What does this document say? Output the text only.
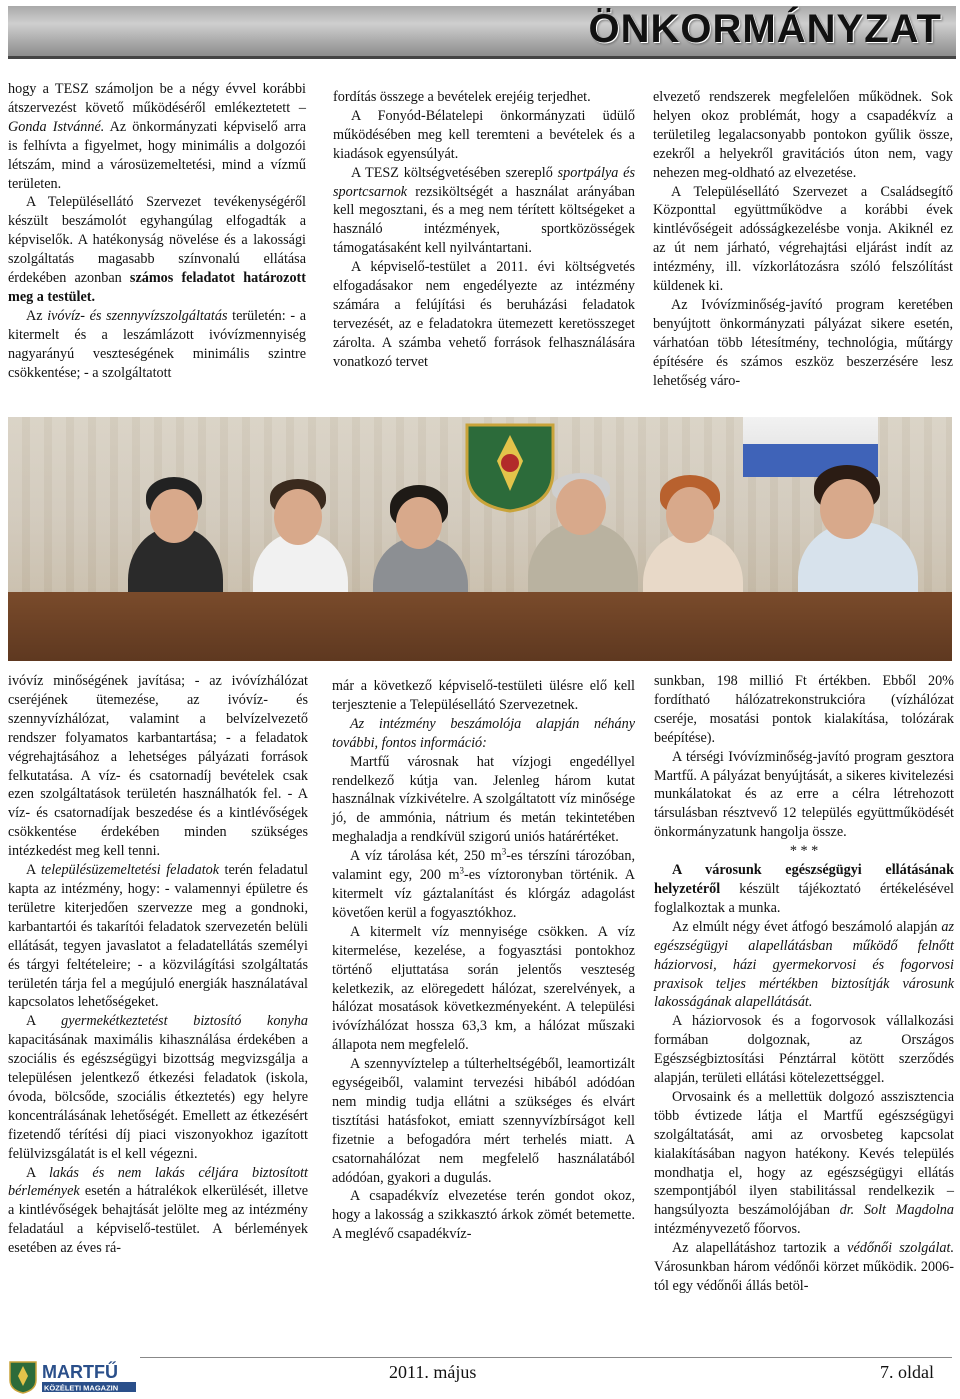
ÖNKORMÁNYZAT

hogy a TESZ számoljon be a négy évvel korábbi átszervezést követő működéséről emlékeztetett – Gonda Istvánné. Az önkormányzati képviselő arra is felhívta a figyelmet, hogy minimális a dolgozói létszám, mind a városüzemeltetési, mind a vízmű területen.

A Településellátó Szervezet tevékenységéről készült beszámolót egyhangúlag elfogadták a képviselők. A hatékonyság növelése és a lakossági szolgáltatás magasabb színvonalú ellátása érdekében azonban számos feladatot határozott meg a testület.

Az ivóvíz- és szennyvízszolgáltatás területén: - a kitermelt és a leszámlázott ivóvízmennyiség nagyarányú veszteségének minimális szintre csökkentése; - a szolgáltatott

fordítás összege a bevételek erejéig terjedhet.

A Fonyód-Bélatelepi önkormányzati üdülő működésében meg kell teremteni a bevételek és a kiadások egyensúlyát.

A TESZ költségvetésében szereplő sportpálya és sportcsarnok rezsiköltségét a használat arányában kell megosztani, és a meg nem térített költségeket a használó intézmények, sportközösségek támogatásaként kell nyilvántartani.

A képviselő-testület a 2011. évi költségvetés elfogadásakor nem engedélyezte az intézmény számára a felújítási és beruházási feladatok tervezését, az e feladatokra ütemezett keretösszeget zárolta. A számba vehető források felhasználására vonatkozó tervet

elvezető rendszerek megfelelően működnek. Sok helyen okoz problémát, hogy a csapadékvíz a területileg legalacsonyabb pontokon gyűlik össze, ezekről a helyekről gravitációs úton nem, vagy nehezen meg-oldható az elvezetése.

A Településellátó Szervezet a Családsegítő Központtal együttműködve a korábbi évek kintlévőségeit adósságkezelésbe vonja. Akiknél ez az út nem járható, végrehajtási eljárást indít az intézmény, ill. vízkorlátozásra szóló felszólítást küldenek ki.

Az Ivóvízminőség-javító program keretében benyújtott önkormányzati pályázat sikere esetén, várhatóan több létesítmény, technológia, műtárgy építésére és számos eszköz beszerzésére lesz lehetőség váro-

ivóvíz minőségének javítása; - az ivóvízhálózat cseréjének ütemezése, az ivóvíz- és szennyvízhálózat, valamint a belvízelvezető rendszer folyamatos karbantartása; - a feladatok végrehajtásához a lehetséges pályázati források felkutatása. A víz- és csatornadíj bevételek csak ezen szolgáltatások területén használhatók fel. - A víz- és csatornadíjak beszedése és a kintlévőségek csökkentése érdekében minden szükséges intézkedést meg kell tenni.

A településüzemeltetési feladatok terén feladatul kapta az intézmény, hogy: - valamennyi épületre és területre kiterjedően szervezze meg a gondnoki, karbantartói és takarítói feladatok szervezetén belüli ellátását, tegyen javaslatot a feladatellátás személyi és tárgyi feltételeire; - a közvilágítási szolgáltatás területén tárja fel a megújuló energiák használatával kapcsolatos lehetőségeket.

A gyermekétkeztetést biztosító konyha kapacitásának maximális kihasználása érdekében a szociális és egészségügyi bizottság megvizsgálja a településen jelentkező étkezési feladatok (iskola, óvoda, bölcsőde, szociális étkeztetés) egy helyre koncentrálásának lehetőségét. Emellett az étkezésért fizetendő térítési díj piaci viszonyokhoz igazított felülvizsgálatát is el kell végezni.

A lakás és nem lakás céljára biztosított bérlemények esetén a hátralékok elkerülését, illetve a kintlévőségek behajtását jelölte meg az intézmény feladatául a képviselő-testület. A bérlemények esetében az éves rá-

már a következő képviselő-testületi ülésre elő kell terjesztenie a Településellátó Szervezetnek.

Az intézmény beszámolója alapján néhány további, fontos információ:

Martfű városnak hat vízjogi engedéllyel rendelkező kútja van. Jelenleg három kutat használnak vízkivételre. A szolgáltatott víz minősége jó, de ammónia, nátrium és metán tekintetében meghaladja a rendkívül szigorú uniós határértéket.

A víz tárolása két, 250 $m^3-es$ térszíni tározóban, valamint egy, 200 $m^3-es$ víztoronyban történik. A kitermelt víz gáztalanítást és klórgáz adagolást követően kerül a fogyasztókhoz.

A kitermelt víz mennyisége csökken. A víz kitermelése, kezelése, a fogyasztási pontokhoz történő eljuttatása során jelentős veszteség keletkezik, az elöregedett hálózat, szerelvények, a hálózat mosatások következményeként. A települési ivóvízhálózat hossza 63,3 km, a hálózat műszaki állapota nem megfelelő.

A szennyvíztelep a túlterheltségéből, leamortizált egységeiből, valamint tervezési hibából adódóan nem mindig tudja ellátni a szükséges és elvárt tisztítási hatásfokot, emiatt szennyvízbírságot kell fizetnie a befogadóra mért terhelés miatt. A csatornahálózat nem megfelelő használatából adódóan, gyakori a dugulás.

A csapadékvíz elvezetése terén gondot okoz, hogy a lakosság a szikkasztó árkok zömét betemette. A meglévő csapadékvíz-

sunkban, 198 millió Ft értékben. Ebből 20% fordítható hálózatrekonstrukcióra (vízhálózat cseréje, mosatási pontok kialakítása, tolózárak beépítése).

A térségi Ivóvízminőség-javító program gesztora Martfű. A pályázat benyújtását, a sikeres kivitelezési munkálatokat és az erre a célra létrehozott társulásban résztvevő 12 település együttműködését önkormányzatunk hangolja össze.

* * *

A városunk egészségügyi ellátásának helyzetéről készült tájékoztató értékelésével foglalkoztak a munka.

Az elmúlt négy évet átfogó beszámoló alapján az egészségügyi alapellátásban működő felnőtt háziorvosi, házi gyermekorvosi és fogorvosi praxisok teljes mértékben biztosítják városunk lakosságának alapellátását.

A háziorvosok és a fogorvosok vállalkozási formában dolgoznak, az Országos Egészségbiztosítási Pénztárral kötött szerződés alapján, területi ellátási kötelezettséggel.

Orvosaink és a mellettük dolgozó asszisztencia több évtizede látja el Martfű egészségügyi szolgáltatását, ami az orvosbeteg kapcsolat kialakításában nagyon hatékony. Kevés település mondhatja el, hogy az egészségügyi ellátás szempontjából ilyen stabilitással rendelkezik – hangsúlyozta beszámolójában dr. Solt Magdolna intézményvezető főorvos.

Az alapellátáshoz tartozik a védőnői szolgálat. Városunkban három védőnői körzet működik. 2006-tól egy védőnői állás betöl-

MARTFŰ
KÖZÉLETI MAGAZIN
2011. május	7. oldal
